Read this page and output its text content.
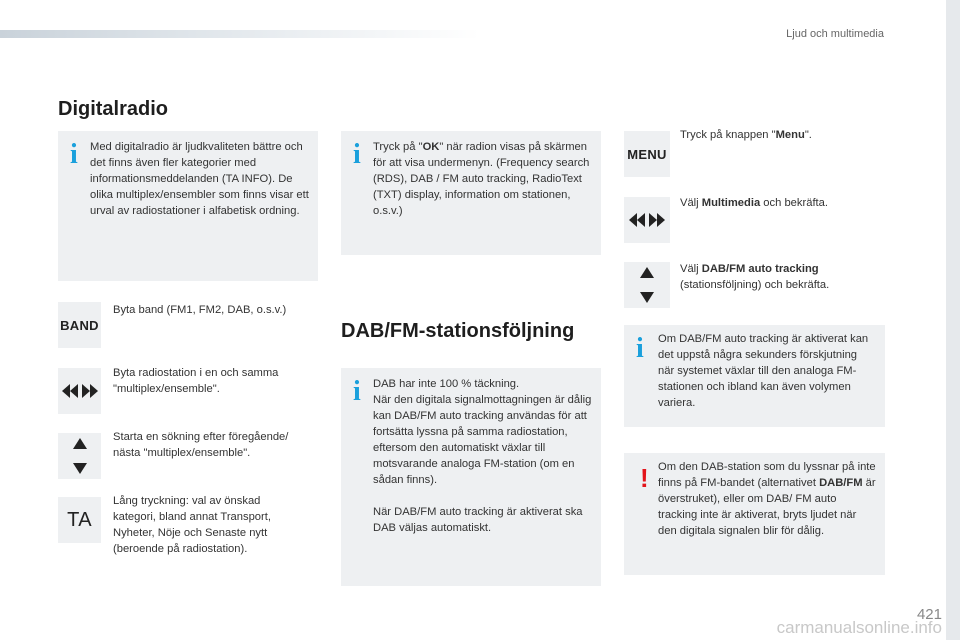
Ljud och multimedia
Digitalradio
i Med digitalradio är ljudkvaliteten bättre och det finns även fler kategorier med informationsmeddelanden (TA INFO). De olika multiplex/ensembler som finns visar ett urval av radiostationer i alfabetisk ordning.
BAND
Byta band (FM1, FM2, DAB, o.s.v.)
Byta radiostation i en och samma "multiplex/ensemble".
Starta en sökning efter föregående/ nästa "multiplex/ensemble".
TA
Lång tryckning: val av önskad kategori, bland annat Transport, Nyheter, Nöje och Senaste nytt (beroende på radiostation).
i Tryck på "OK" när radion visas på skärmen för att visa undermenyn. (Frequency search (RDS), DAB / FM auto tracking, RadioText (TXT) display, information om stationen, o.s.v.)
DAB/FM-stationsföljning
i DAB har inte 100 % täckning.
När DAB/FM auto tracking är aktiverat ska DAB väljas automatiskt.
När den digitala signalmottagningen är dålig kan DAB/FM auto tracking användas för att fortsätta lyssna på samma radiostation, eftersom den automatiskt växlar till motsvarande analoga FM-station (om en sådan finns).
MENU
Tryck på knappen "Menu".
Välj Multimedia och bekräfta.
Välj DAB/FM auto tracking (stationsföljning) och bekräfta.
i Om DAB/FM auto tracking är aktiverat kan det uppstå några sekunders förskjutning när systemet växlar till den analoga FM-stationen och ibland kan även volymen variera.
! Om den DAB-station som du lyssnar på inte finns på FM-bandet (alternativet DAB/FM är överstruket), eller om DAB/ FM auto tracking inte är aktiverat, bryts ljudet när den digitala signalen blir för dålig.
421
carmanualsonline.info
